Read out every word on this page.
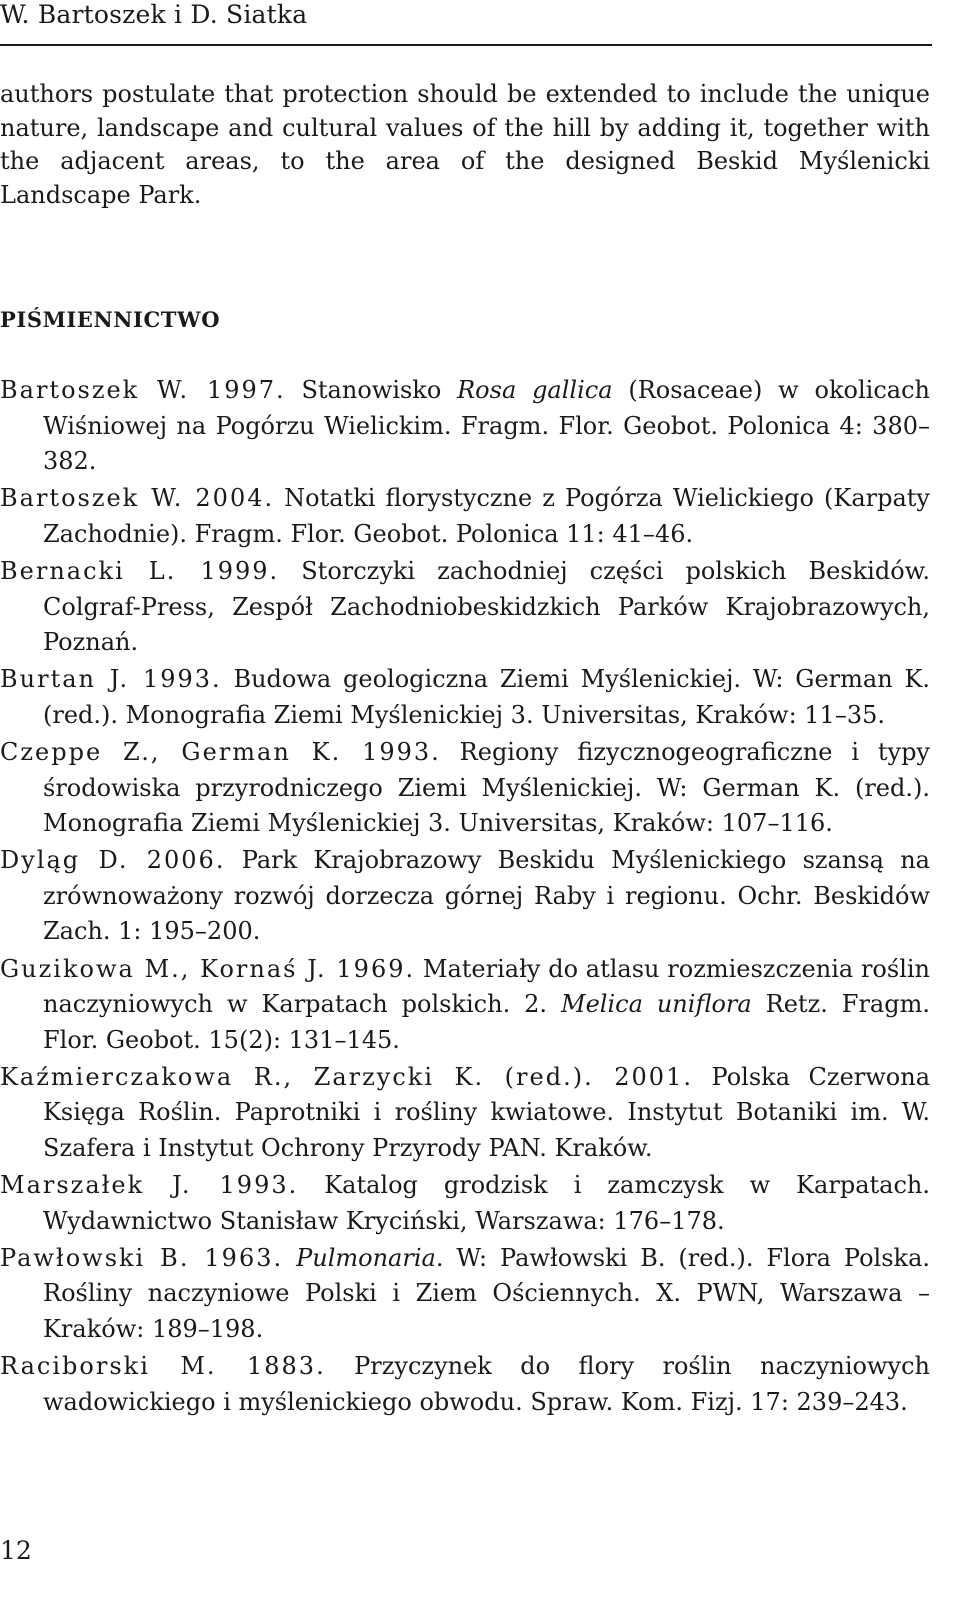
W. Bartoszek i D. Siatka

authors postulate that protection should be extended to include the unique nature, landscape and cultural values of the hill by adding it, together with the adjacent areas, to the area of the designed Beskid Myślenicki Landscape Park.

PIŚMIENNICTWO
Bartoszek W. 1997. Stanowisko Rosa gallica (Rosaceae) w okolicach Wiśniowej na Pogórzu Wielickim. Fragm. Flor. Geobot. Polonica 4: 380–382.
Bartoszek W. 2004. Notatki florystyczne z Pogórza Wielickiego (Karpaty Zachodnie). Fragm. Flor. Geobot. Polonica 11: 41–46.
Bernacki L. 1999. Storczyki zachodniej części polskich Beskidów. Colgraf-Press, Zespół Zachodniobeskidzkich Parków Krajobrazowych, Poznań.
Burtan J. 1993. Budowa geologiczna Ziemi Myślenickiej. W: German K. (red.). Monografia Ziemi Myślenickiej 3. Universitas, Kraków: 11–35.
Czeppe Z., German K. 1993. Regiony fizycznogeograficzne i typy środowiska przyrodniczego Ziemi Myślenickiej. W: German K. (red.). Monografia Ziemi Myślenickiej 3. Universitas, Kraków: 107–116.
Dyląg D. 2006. Park Krajobrazowy Beskidu Myślenickiego szansą na zrównoważony rozwój dorzecza górnej Raby i regionu. Ochr. Beskidów Zach. 1: 195–200.
Guzikowa M., Kornaś J. 1969. Materiały do atlasu rozmieszczenia roślin naczyniowych w Karpatach polskich. 2. Melica uniflora Retz. Fragm. Flor. Geobot. 15(2): 131–145.
Kaźmierczakowa R., Zarzycki K. (red.). 2001. Polska Czerwona Księga Roślin. Paprotniki i rośliny kwiatowe. Instytut Botaniki im. W. Szafera i Instytut Ochrony Przyrody PAN. Kraków.
Marszałek J. 1993. Katalog grodzisk i zamczysk w Karpatach. Wydawnictwo Stanisław Kryciński, Warszawa: 176–178.
Pawłowski B. 1963. Pulmonaria. W: Pawłowski B. (red.). Flora Polska. Rośliny naczyniowe Polski i Ziem Ościennych. X. PWN, Warszawa – Kraków: 189–198.
Raciborski M. 1883. Przyczynek do flory roślin naczyniowych wadowickiego i myślenickiego obwodu. Spraw. Kom. Fizj. 17: 239–243.
12
